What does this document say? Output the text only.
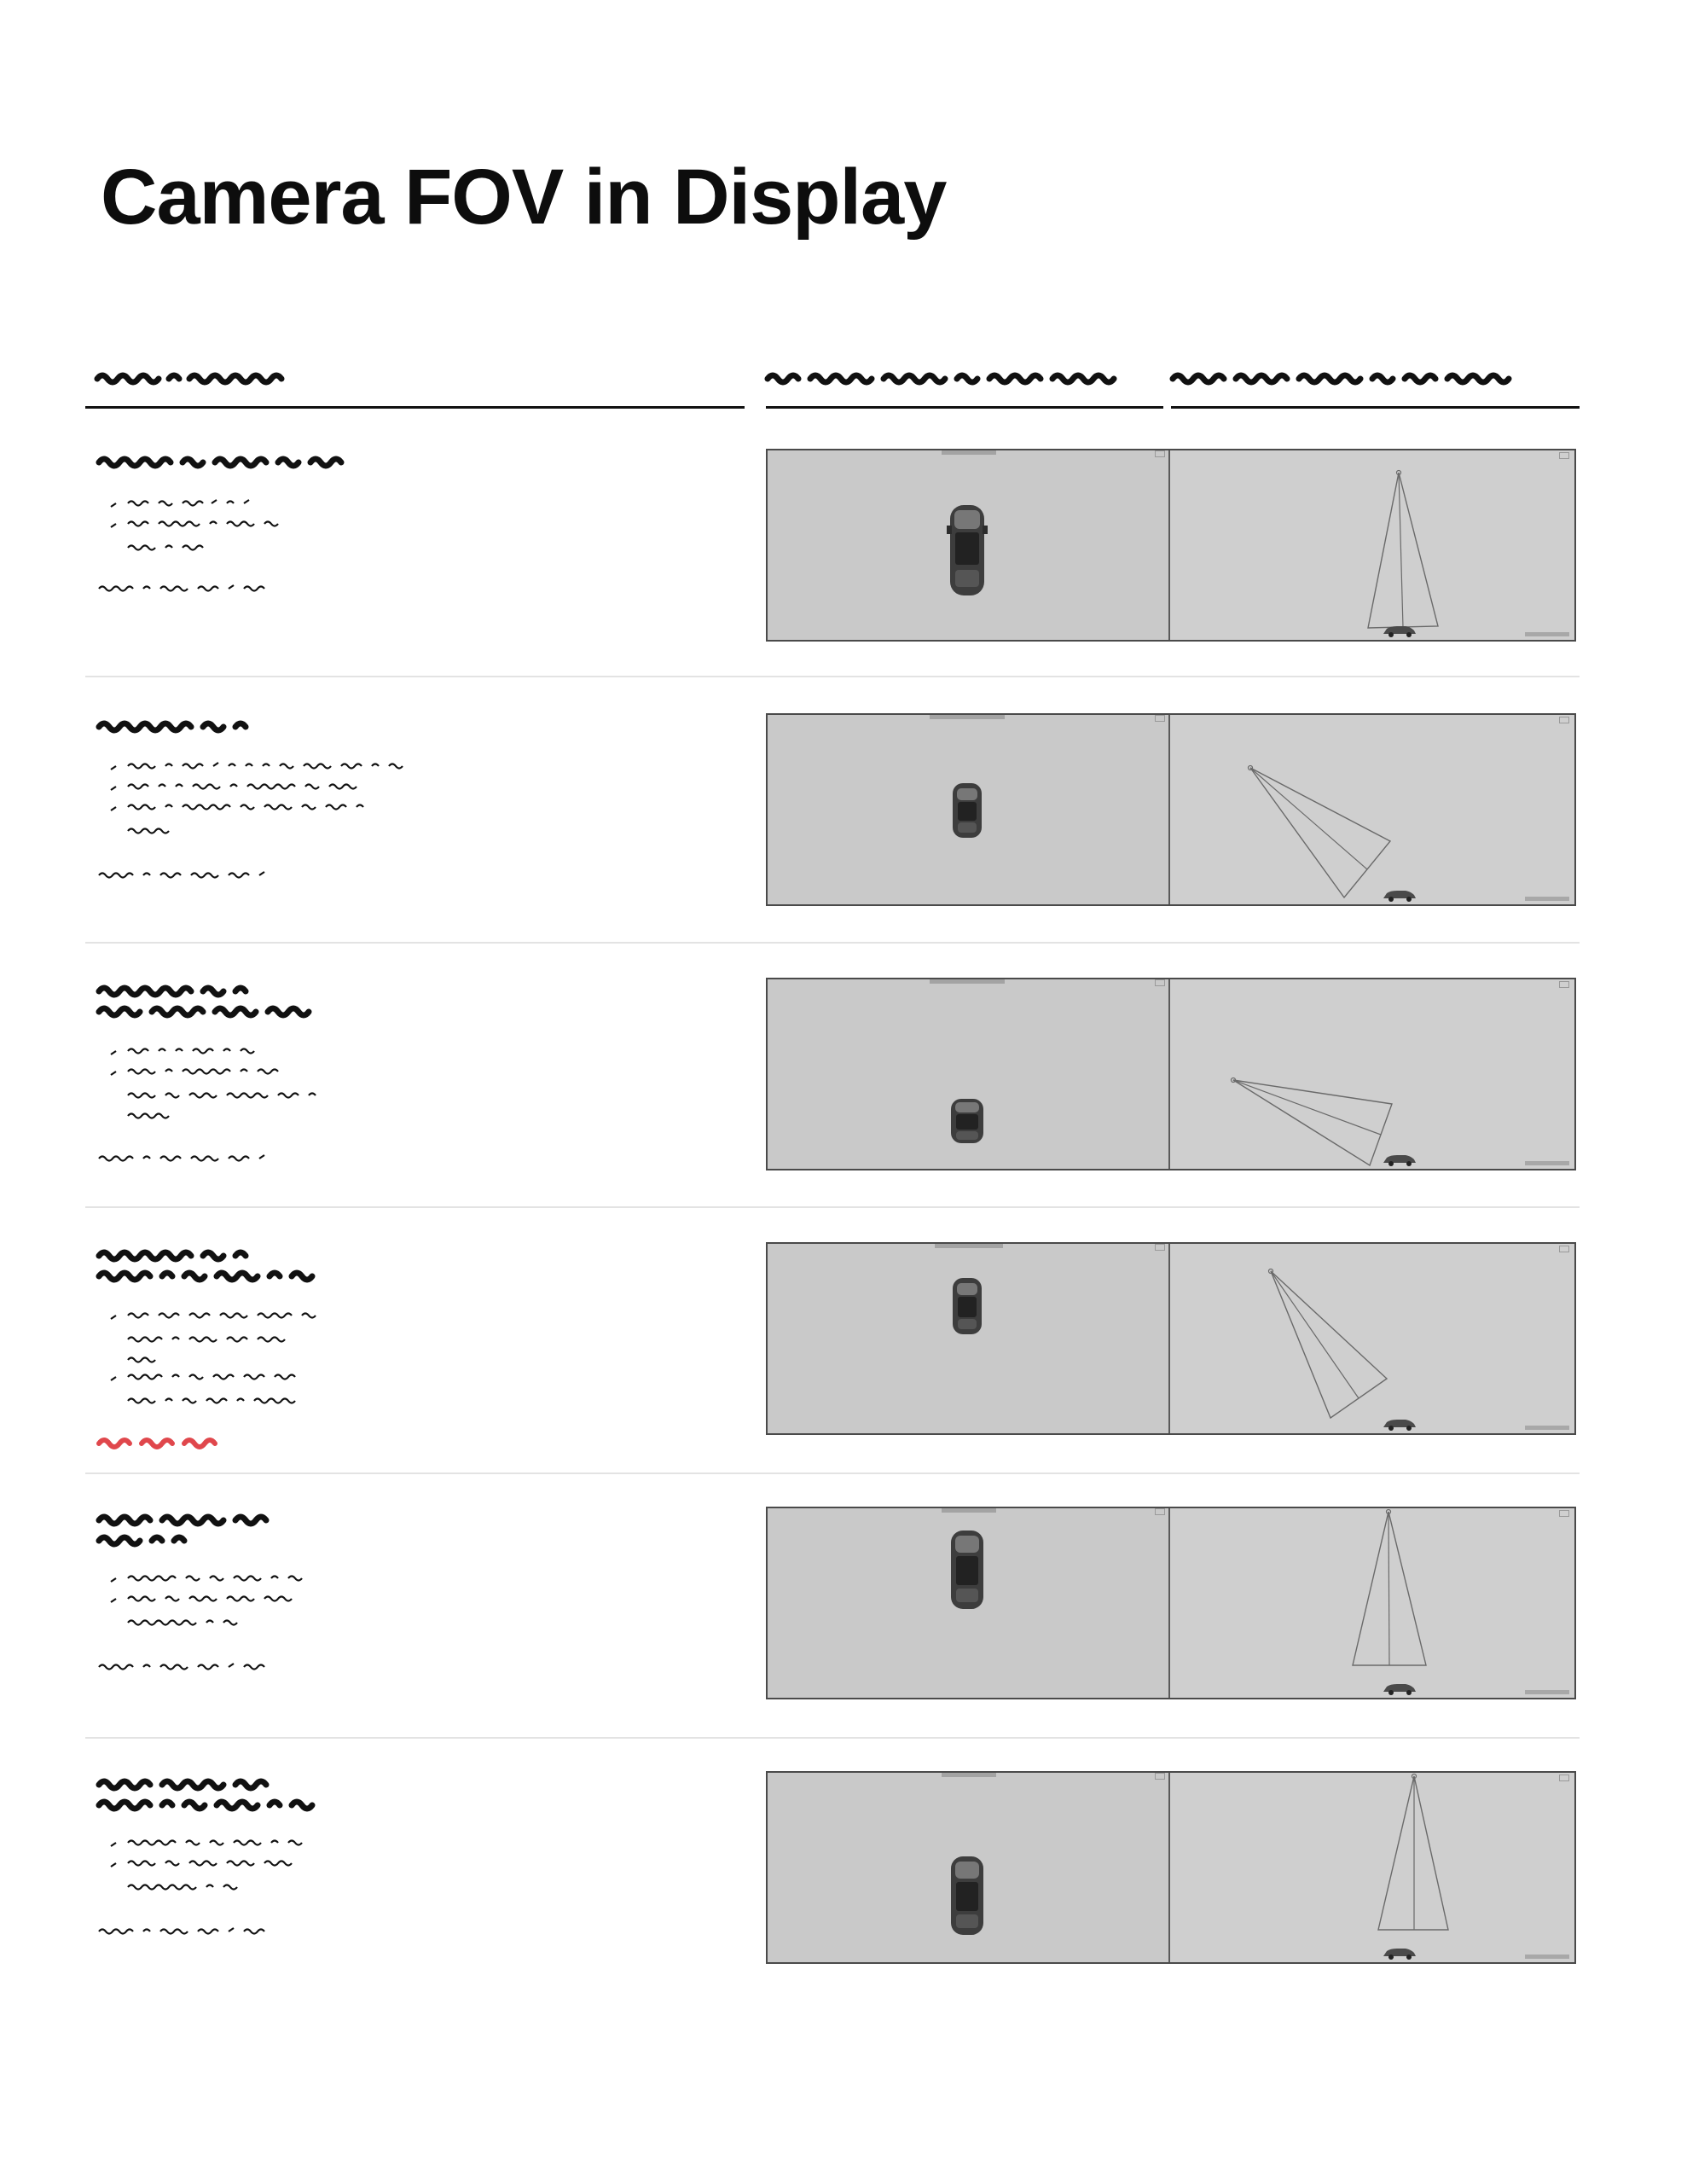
Camera FOV in Display
